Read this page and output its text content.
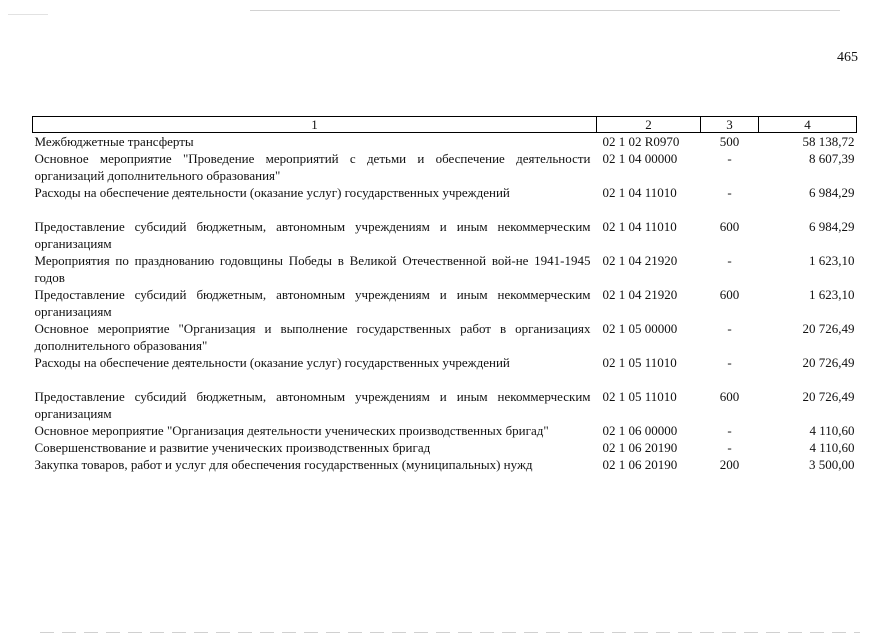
465
1	2	3	4
Межбюджетные трансферты	02 1 02 R0970	500	58 138,72
Основное мероприятие "Проведение мероприятий с детьми и обеспечение деятельности организаций дополнительного образования"	02 1 04 00000	-	8 607,39
Расходы на обеспечение деятельности (оказание услуг) государственных учреждений	02 1 04 11010	-	6 984,29
Предоставление субсидий бюджетным, автономным учреждениям и иным некоммерческим организациям	02 1 04 11010	600	6 984,29
Мероприятия по празднованию годовщины Победы в Великой Отечественной вой-не 1941-1945 годов	02 1 04 21920	-	1 623,10
Предоставление субсидий бюджетным, автономным учреждениям и иным некоммерческим организациям	02 1 04 21920	600	1 623,10
Основное мероприятие "Организация и выполнение государственных работ в организациях дополнительного образования"	02 1 05 00000	-	20 726,49
Расходы на обеспечение деятельности (оказание услуг) государственных учреждений	02 1 05 11010	-	20 726,49
Предоставление субсидий бюджетным, автономным учреждениям и иным некоммерческим организациям	02 1 05 11010	600	20 726,49
Основное мероприятие "Организация деятельности ученических производственных бригад"	02 1 06 00000	-	4 110,60
Совершенствование и развитие ученических производственных бригад	02 1 06 20190	-	4 110,60
Закупка товаров, работ и услуг для обеспечения государственных (муниципальных) нужд	02 1 06 20190	200	3 500,00
